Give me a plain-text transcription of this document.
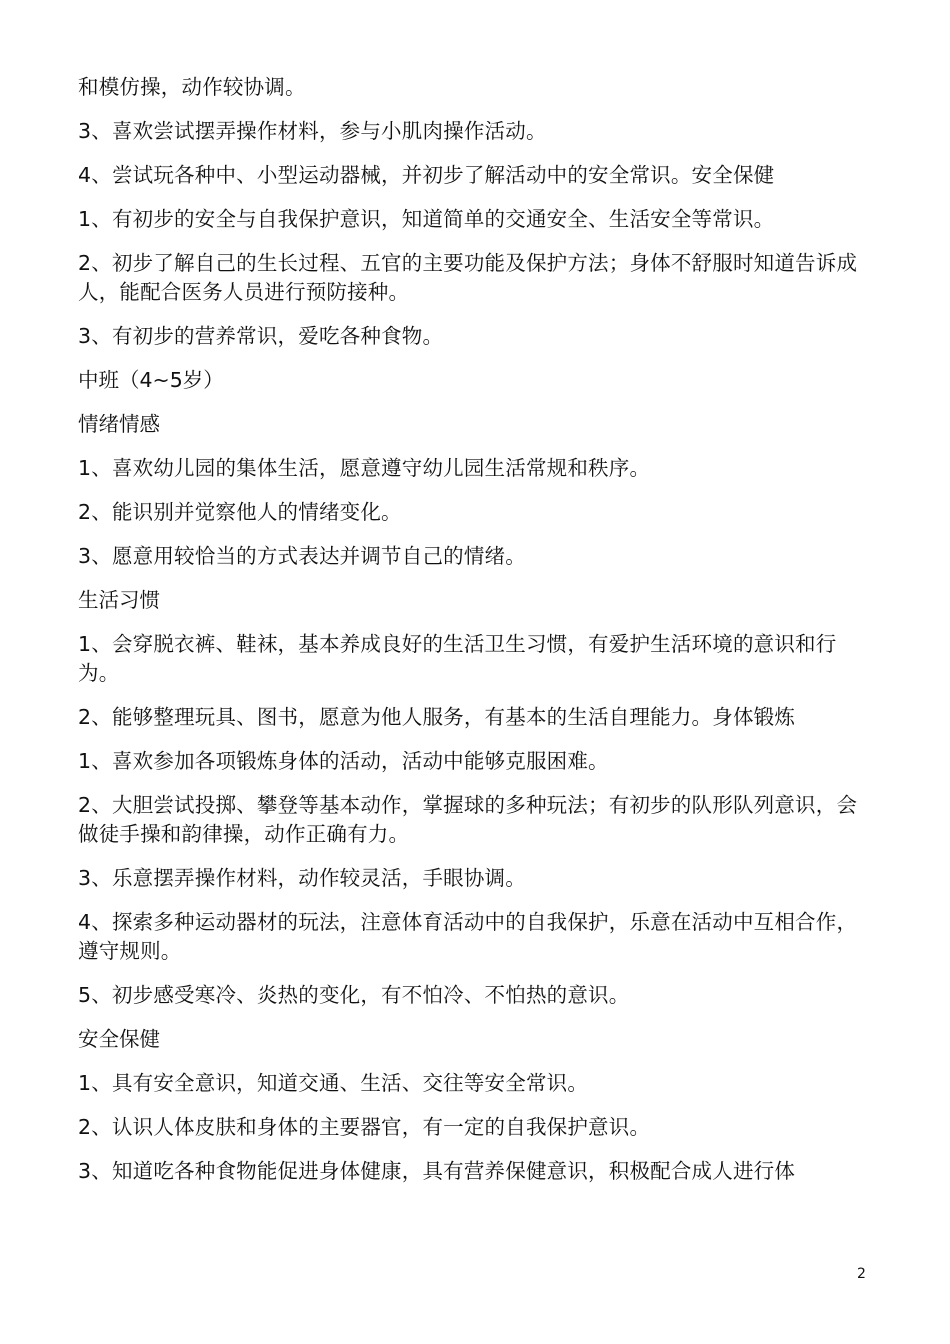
和模仿操，动作较协调。

3、喜欢尝试摆弄操作材料，参与小肌肉操作活动。

4、尝试玩各种中、小型运动器械，并初步了解活动中的安全常识。安全保健

1、有初步的安全与自我保护意识，知道简单的交通安全、生活安全等常识。

2、初步了解自己的生长过程、五官的主要功能及保护方法；身体不舒服时知道告诉成人，能配合医务人员进行预防接种。

3、有初步的营养常识，爱吃各种食物。

中班（4~5岁）

情绪情感

1、喜欢幼儿园的集体生活，愿意遵守幼儿园生活常规和秩序。

2、能识别并觉察他人的情绪变化。

3、愿意用较恰当的方式表达并调节自己的情绪。

生活习惯

1、会穿脱衣裤、鞋袜，基本养成良好的生活卫生习惯，有爱护生活环境的意识和行为。

2、能够整理玩具、图书，愿意为他人服务，有基本的生活自理能力。身体锻炼

1、喜欢参加各项锻炼身体的活动，活动中能够克服困难。

2、大胆尝试投掷、攀登等基本动作，掌握球的多种玩法；有初步的队形队列意识，会做徒手操和韵律操，动作正确有力。

3、乐意摆弄操作材料，动作较灵活，手眼协调。

4、探索多种运动器材的玩法，注意体育活动中的自我保护，乐意在活动中互相合作，遵守规则。

5、初步感受寒冷、炎热的变化，有不怕冷、不怕热的意识。

安全保健

1、具有安全意识，知道交通、生活、交往等安全常识。

2、认识人体皮肤和身体的主要器官，有一定的自我保护意识。

3、知道吃各种食物能促进身体健康，具有营养保健意识，积极配合成人进行体

2
